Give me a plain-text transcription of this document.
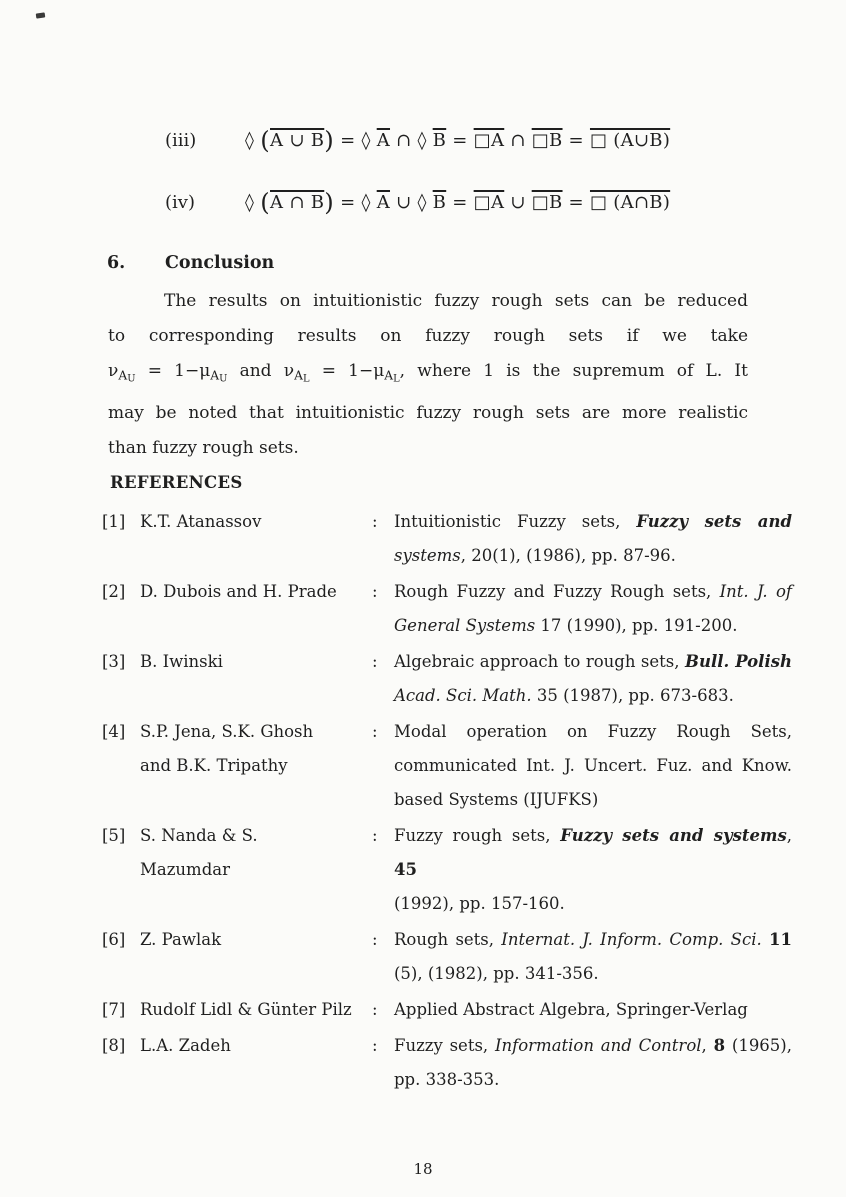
(iii)	◊ (A ∪ B) = ◊ $\overline{A}$ ∩ ◊ $\overline{B}$ = □A ∩ □B = □ (A∪B)
(iv)	◊ (A ∩ B) = ◊ $\overline{A}$ ∪ ◊ $\overline{B}$ = □A ∪ □B = □ (A∩B)
6.	Conclusion
The results on intuitionistic fuzzy rough sets can be reduced
to corresponding results on fuzzy rough sets if we take
$\nu_{AU} = 1-\mu_{AU}$ and $\nu_{AL} = 1-\mu_{AL}$, where 1 is the supremum of L. It
may be noted that intuitionistic fuzzy rough sets are more realistic
than fuzzy rough sets.
REFERENCES
[1] K.T. Atanassov	: Intuitionistic Fuzzy sets, Fuzzy sets and
systems, 20(1), (1986), pp. 87-96.
[2] D. Dubois and H. Prade	: Rough Fuzzy and Fuzzy Rough sets, Int. J. of
General Systems 17 (1990), pp. 191-200.
[3] B. Iwinski	: Algebraic approach to rough sets, Bull. Polish
Acad. Sci. Math. 35 (1987), pp. 673-683.
[4] S.P. Jena, S.K. Ghosh
and B.K. Tripathy
: Modal operation on Fuzzy Rough Sets,
communicated Int. J. Uncert. Fuz. and Know.
based Systems (IJUFKS)
[5] S. Nanda & S.
Mazumdar
: Fuzzy rough sets, Fuzzy sets and systems, 45
(1992), pp. 157-160.
[6] Z. Pawlak	: Rough sets, Internat. J. Inform. Comp. Sci. 11
(5), (1982), pp. 341-356.
[7] Rudolf Lidl & Günter Pilz	: Applied Abstract Algebra, Springer-Verlag
[8] L.A. Zadeh	: Fuzzy sets, Information and Control, 8 (1965),
pp. 338-353.
18
